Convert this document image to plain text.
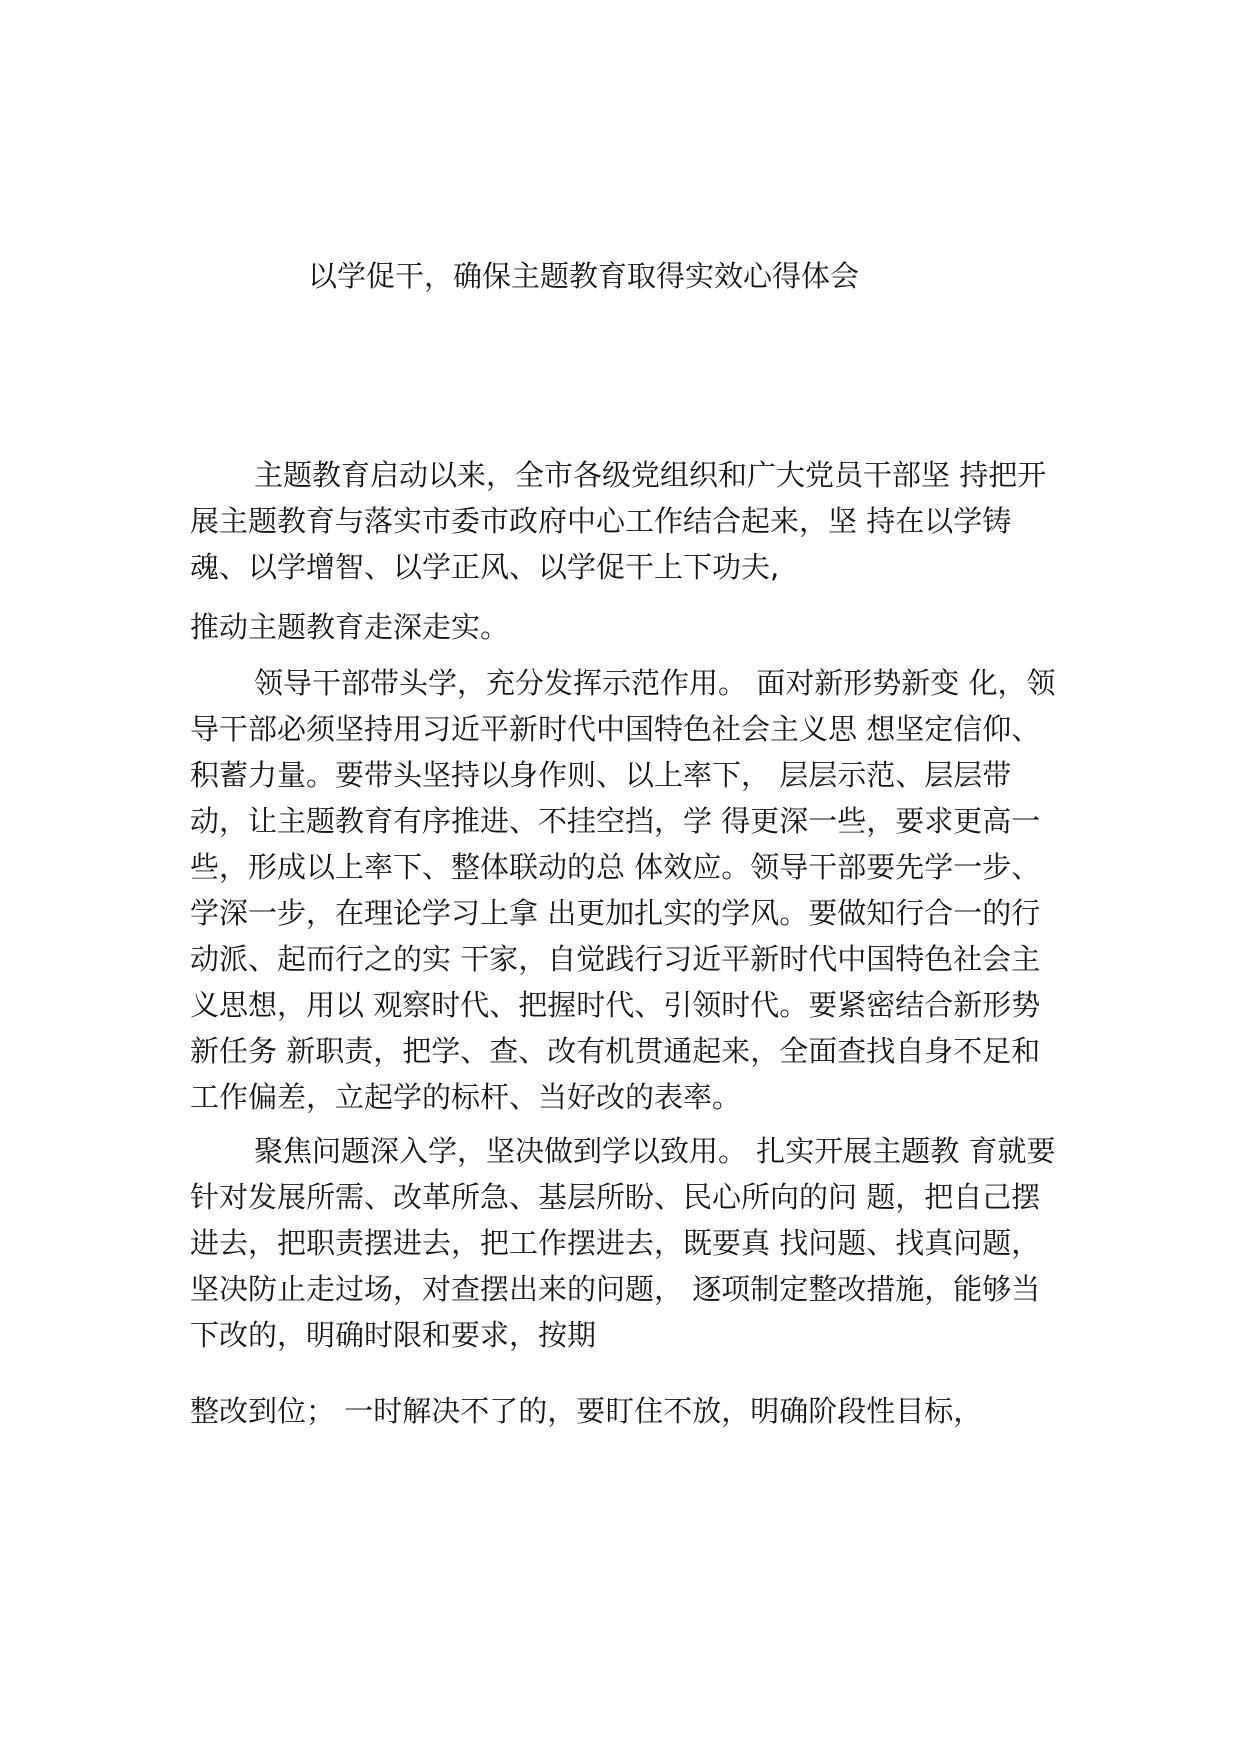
以学促干，确保主题教育取得实效心得体会
主题教育启动以来，全市各级党组织和广大党员干部坚 持把开
展主题教育与落实市委市政府中心工作结合起来，坚 持在以学铸
魂、以学增智、以学正风、以学促干上下功夫,
推动主题教育走深走实。
领导干部带头学，充分发挥示范作用。 面对新形势新变 化，领
导干部必须坚持用习近平新时代中国特色社会主义思 想坚定信仰、
积蓄力量。要带头坚持以身作则、以上率下， 层层示范、层层带
动，让主题教育有序推进、不挂空挡，学 得更深一些，要求更高一
些，形成以上率下、整体联动的总 体效应。领导干部要先学一步、
学深一步，在理论学习上拿 出更加扎实的学风。要做知行合一的行
动派、起而行之的实 干家，自觉践行习近平新时代中国特色社会主
义思想，用以 观察时代、把握时代、引领时代。要紧密结合新形势
新任务 新职责，把学、查、改有机贯通起来，全面查找自身不足和
工作偏差，立起学的标杆、当好改的表率。
聚焦问题深入学，坚决做到学以致用。 扎实开展主题教 育就要
针对发展所需、改革所急、基层所盼、民心所向的问 题，把自己摆
进去，把职责摆进去，把工作摆进去，既要真 找问题、找真问题，
坚决防止走过场，对查摆出来的问题， 逐项制定整改措施，能够当
下改的，明确时限和要求，按期
整改到位； 一时解决不了的，要盯住不放，明确阶段性目标，
